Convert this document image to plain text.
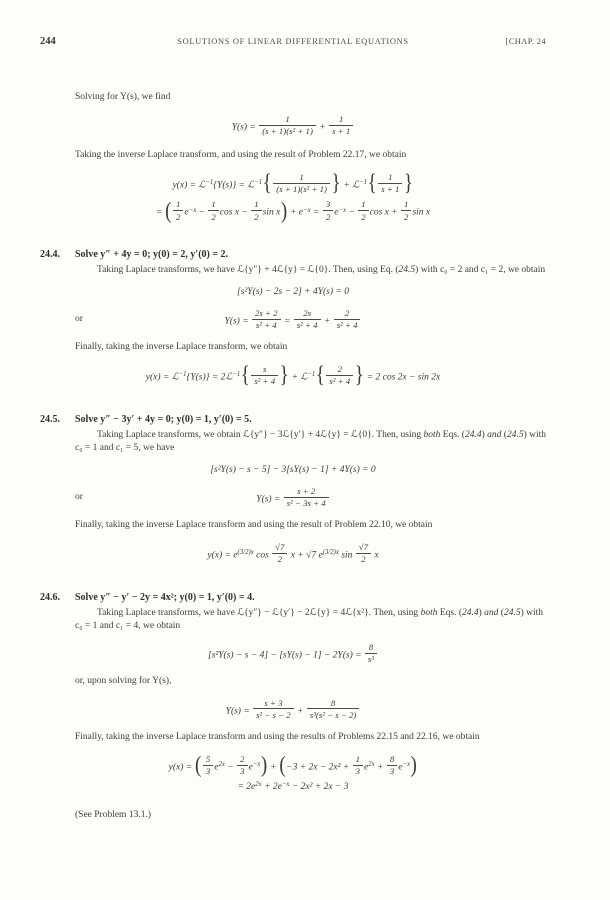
244	SOLUTIONS OF LINEAR DIFFERENTIAL EQUATIONS	[CHAP. 24

Solving for Y(s), we find

$Y(s) = \frac{1}{\text{(s + 1)(s² + 1)}} + \frac{1}{s + 1}$

Taking the inverse Laplace transform, and using the result of Problem 22.17, we obtain

y(x) = ℒ$^{-1}${Y(s)} = ℒ$^{-1}${ $\frac{1}{\text{(s + 1)(s² + 1)}}$ } + ℒ$^{-1}${ $\frac{1}{s + 1}$ }
= ( $\frac{1}{2} e^{-x} - \frac{1}{2}$ $\cos x - \frac{1}{2}$ $\sin x) + e^{-x} = \frac{3}{2} e^{-x} - \frac{1}{2}$ $\cos x + \frac{1}{2}$ sin x
24.4.	Solve y″ + 4y = 0; y(0) = 2, y′(0) = 2.

Taking Laplace transforms, we have ℒ{y″} + 4ℒ{y} = ℒ{0}. Then, using Eq. (24.5) with c₀ = 2 and c₁ = 2, we obtain

[s²Y(s) − 2s − 2] + 4Y(s) = 0
or	$Y(s) = \frac{2s + 2}{\text{s² + 4}} = \frac{2s}{\text{s² + 4}} + \frac{2}{\text{s² + 4}}$

Finally, taking the inverse Laplace transform, we obtain

y(x) = ℒ$^{-1}${Y(s)} = 2ℒ$^{-1}${ $\frac{s}{\text{s² + 4}}$ } + ℒ$^{-1}${ $\frac{2}{\text{s² + 4}}$ } = 2 cos 2x − sin 2x
24.5.	Solve y″ − 3y′ + 4y = 0; y(0) = 1, y′(0) = 5.

Taking Laplace transforms, we obtain ℒ{y″} − 3ℒ{y′} + 4ℒ{y} = ℒ{0}. Then, using both Eqs. (24.4) and (24.5) with c₀ = 1 and c₁ = 5, we have

[s²Y(s) − s − 5] − 3[sY(s) − 1] + 4Y(s) = 0
or	$Y(s) = \frac{s + 2}{\text{s² − 3s + 4}}$

Finally, taking the inverse Laplace transform and using the result of Problem 22.10, we obtain

$y(x) = e^{(3/2)x}$ $\cos \frac{√7}{2}$ x + √7 $e^{(3/2)x}$ $\sin \frac{√7}{2}$ x
24.6.	Solve y″ − y′ − 2y = 4x²; y(0) = 1, y′(0) = 4.

Taking Laplace transforms, we have ℒ{y″} − ℒ{y′} − 2ℒ{y} = 4ℒ{x²}. Then, using both Eqs. (24.4) and (24.5) with c₀ = 1 and c₁ = 4, we obtain

$[s^2Y(s) - s - 4] - [sY(s) - 1] - 2Y(s) = \frac{8}{\text{s³}}$

or, upon solving for Y(s),

$Y(s) = \frac{s + 3}{\text{s² − s − 2}} + \frac{8}{\text{s³(s² − s − 2)}}$

Finally, taking the inverse Laplace transform and using the results of Problems 22.15 and 22.16, we obtain

y(x) = ( $\frac{5}{3} e^{2x} - \frac{2}{3} e^{-x}) + (-3 + 2x - 2x^2 + \frac{1}{3} e^{2x} + \frac{8}{3} e^{-x})$
= $2e^{2x} + 2e^{-x} - 2x^2 + 2x - 3$

(See Problem 13.1.)
